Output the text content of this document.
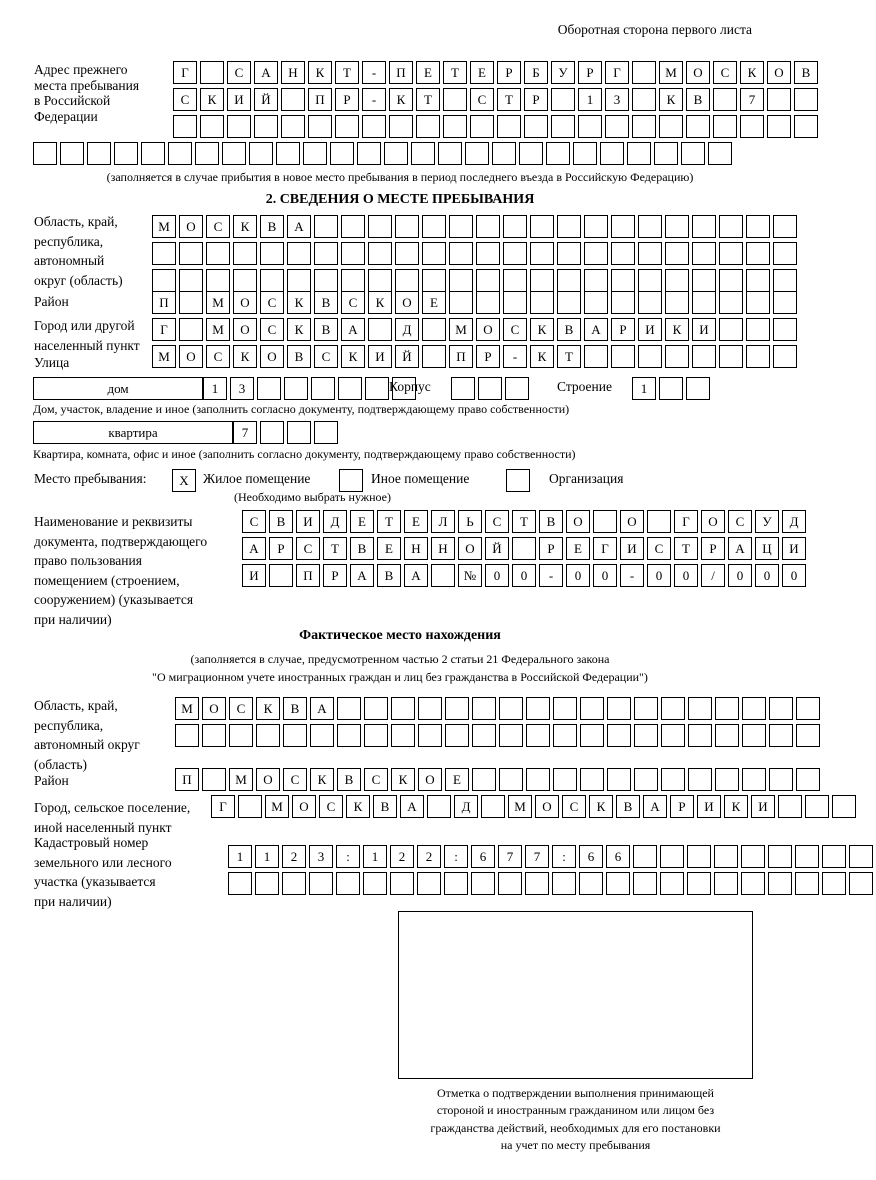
Оборотная сторона первого листа
Адрес прежнего
места пребывания
в Российской
Федерации
Г	С	А	Н	К	Т	-	П	Е	Т	Е	Р	Б	У	Р	Г	М	О	С	К	О	В
С	К	И	Й	П	Р	-	К	Т	С	Т	Р	1	3	К	В	7
(заполняется в случае прибытия в новое место пребывания в период последнего въезда в Российскую Федерацию)
2. СВЕДЕНИЯ О МЕСТЕ ПРЕБЫВАНИЯ
Область, край,
республика,
автономный
округ (область)
М	О	С	К	В	А
Район	П	М	О	С	К	В	С	К	О	Е
Город или другой
населенный пункт
Г	М	О	С	К	В	А	Д	М	О	С	К	В	А	Р	И	К	И
Улица	М	О	С	К	О	В	С	К	И	Й	П	Р	-	К	Т
дом	1	3	Корпус	Строение	1
Дом, участок, владение и иное (заполнить согласно документу, подтверждающему право собственности)
квартира	7
Квартира, комната, офис и иное (заполнить согласно документу, подтверждающему право собственности)
Место пребывания:	Х	Жилое помещение	Иное помещение	Организация
(Необходимо выбрать нужное)
Наименование и реквизиты
документа, подтверждающего
право пользования
помещением (строением,
сооружением) (указывается
при наличии)
С	В	И	Д	Е	Т	Е	Л	Ь	С	Т	В	О	О	Г	О	С	У	Д
А	Р	С	Т	В	Е	Н	Н	О	Й	Р	Е	Г	И	С	Т	Р	А	Ц	И
И	П	Р	А	В	А	№	0	0	-	0	0	-	0	0	/	0	0	0
Фактическое место нахождения
(заполняется в случае, предусмотренном частью 2 статьи 21 Федерального закона
"О миграционном учете иностранных граждан и лиц без гражданства в Российской Федерации")
Область, край,
республика,
автономный округ
(область)
М	О	С	К	В	А
Район	П	М	О	С	К	В	С	К	О	Е
Город, сельское поселение,
иной населенный пункт
Г	М	О	С	К	В	А	Д	М	О	С	К	В	А	Р	И	К	И
Кадастровый номер
земельного или лесного
участка (указывается
при наличии)
1	1	2	3	:	1	2	2	:	6	7	7	:	6	6
Отметка о подтверждении выполнения принимающей
стороной и иностранным гражданином или лицом без
гражданства действий, необходимых для его постановки
на учет по месту пребывания
